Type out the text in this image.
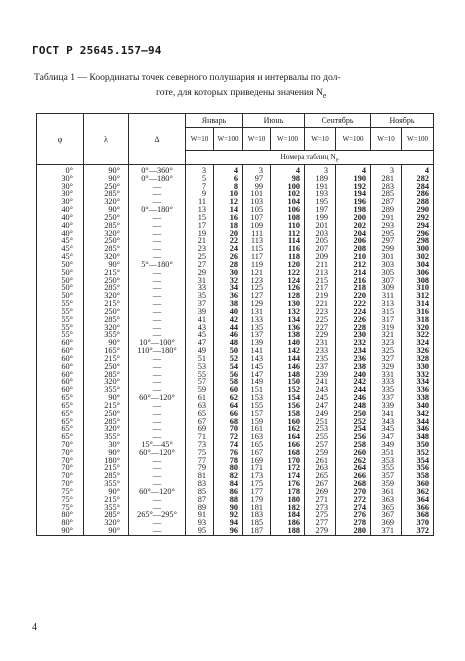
ГОСТ Р 25645.157—94
Таблица 1 — Координаты точек северного полушария и интервалы по дол-
готе, для которых приведены значения $N_e$
φ	λ	Δ	Январь		Июнь		Сентябрь		Ноябрь	
			W=10	W=100	W=10	W=100	W=10	W=100	W=10	W=100
			Номера таблиц $N_e$
0°	90°	0°—360°	3	4	3	4	3	4	3	4
30°	90°	0°—180°	5	6	97	98	189	190	281	282
30°	250°	—	7	8	99	100	191	192	283	284
30°	285°	—	9	10	101	102	193	194	285	286
30°	320°	—	11	12	103	104	195	196	287	288
40°	90°	0°—180°	13	14	105	106	197	198	289	290
40°	250°	—	15	16	107	108	199	200	291	292
40°	285°	—	17	18	109	110	201	202	293	294
40°	320°	—	19	20	111	112	203	204	295	296
45°	250°	—	21	22	113	114	205	206	297	298
45°	285°	—	23	24	115	116	207	208	299	300
45°	320°	—	25	26	117	118	209	210	301	302
50°	90°	5°—180°	27	28	119	120	211	212	303	304
50°	215°	—	29	30	121	122	213	214	305	306
50°	250°	—	31	32	123	124	215	216	307	308
50°	285°	—	33	34	125	126	217	218	309	310
50°	320°	—	35	36	127	128	219	220	311	312
55°	215°	—	37	38	129	130	221	222	313	314
55°	250°	—	39	40	131	132	223	224	315	316
55°	285°	—	41	42	133	134	225	226	317	318
55°	320°	—	43	44	135	136	227	228	319	320
55°	355°	—	45	46	137	138	229	230	321	322
60°	90°	10°—100°	47	48	139	140	231	232	323	324
60°	165°	110°—180°	49	50	141	142	233	234	325	326
60°	215°	—	51	52	143	144	235	236	327	328
60°	250°	—	53	54	145	146	237	238	329	330
60°	285°	—	55	56	147	148	239	240	331	332
60°	320°	—	57	58	149	150	241	242	333	334
60°	355°	—	59	60	151	152	243	244	335	336
65°	90°	60°—120°	61	62	153	154	245	246	337	338
65°	215°	—	63	64	155	156	247	248	339	340
65°	250°	—	65	66	157	158	249	250	341	342
65°	285°	—	67	68	159	160	251	252	343	344
65°	320°	—	69	70	161	162	253	254	345	346
65°	355°	—	71	72	163	164	255	256	347	348
70°	30°	15°—45°	73	74	165	166	257	258	349	350
70°	90°	60°—120°	75	76	167	168	259	260	351	352
70°	180°	—	77	78	169	170	261	262	353	354
70°	215°	—	79	80	171	172	263	264	355	356
70°	285°	—	81	82	173	174	265	266	357	358
70°	355°	—	83	84	175	176	267	268	359	360
75°	90°	60°—120°	85	86	177	178	269	270	361	362
75°	215°	—	87	88	179	180	271	272	363	364
75°	355°	—	89	90	181	182	273	274	365	366
80°	285°	265°—295°	91	92	183	184	275	276	367	368
80°	320°	—	93	94	185	186	277	278	369	370
90°	90°	—	95	96	187	188	279	280	371	372
4
